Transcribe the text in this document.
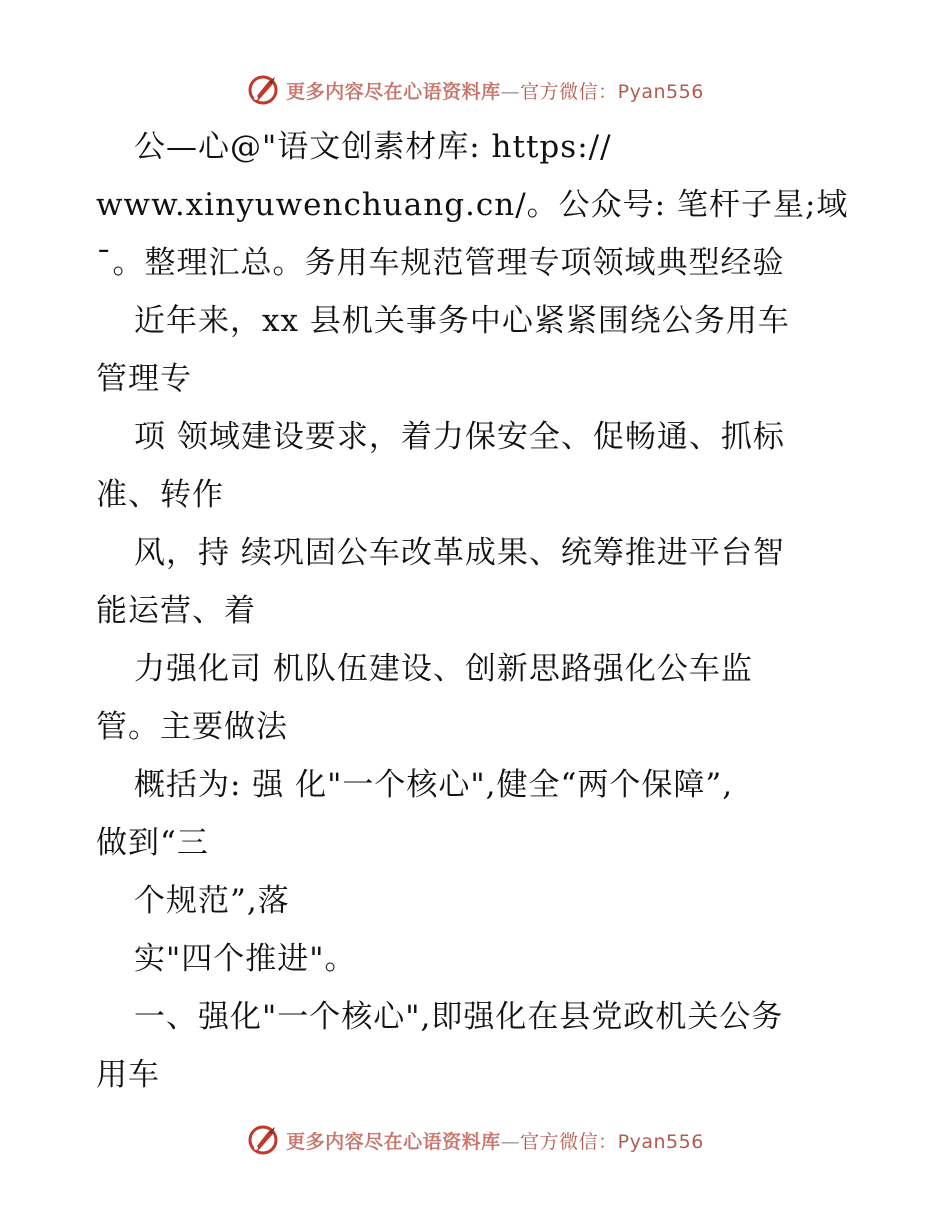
更多内容尽在心语资料库—官方微信：Pyan556
公—心@"语文创素材库: https://
www.xinyuwenchuang.cn/。公众号: 笔杆子星;域
¯。整理汇总。务用车规范管理专项领域典型经验
近年来，xx 县机关事务中心紧紧围绕公务用车
管理专
项 领域建设要求，着力保安全、促畅通、抓标
准、转作
风，持 续巩固公车改革成果、统筹推进平台智
能运营、着
力强化司 机队伍建设、创新思路强化公车监
管。主要做法
概括为: 强 化"一个核心",健全“两个保障”,
做到“三
个规范”,落
实"四个推进"。
一、强化"一个核心",即强化在县党政机关公务
用车
更多内容尽在心语资料库—官方微信：Pyan556
